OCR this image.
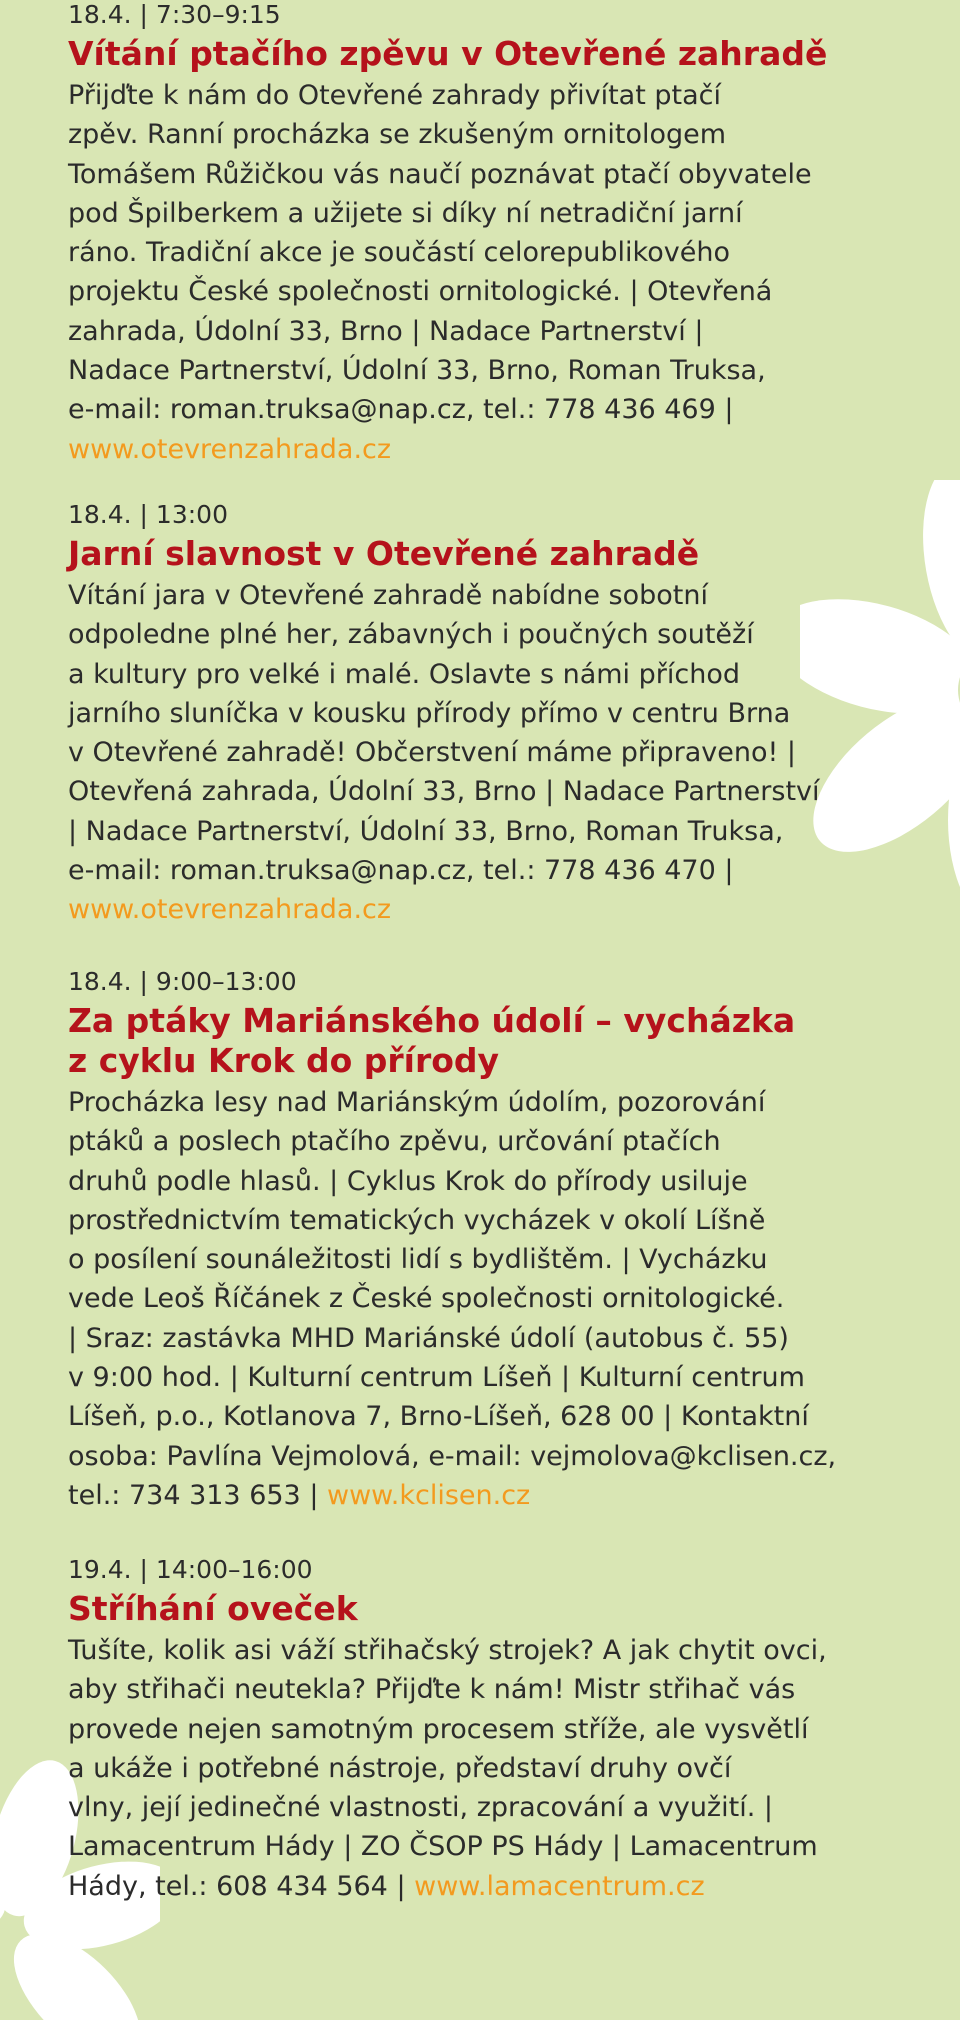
18.4. | 7:30–9:15
Vítání ptačího zpěvu v Otevřené zahradě
Přijďte k nám do Otevřené zahrady přivítat ptačí
zpěv. Ranní procházka se zkušeným ornitologem
Tomášem Růžičkou vás naučí poznávat ptačí obyvatele
pod Špilberkem a užijete si díky ní netradiční jarní
ráno. Tradiční akce je součástí celorepublikového
projektu České společnosti ornitologické. | Otevřená
zahrada, Údolní 33, Brno | Nadace Partnerství |
Nadace Partnerství, Údolní 33, Brno, Roman Truksa,
e-mail: roman.truksa@nap.cz, tel.: 778 436 469 |
www.otevrenzahrada.cz
18.4. | 13:00
Jarní slavnost v Otevřené zahradě
Vítání jara v Otevřené zahradě nabídne sobotní
odpoledne plné her, zábavných i poučných soutěží
a kultury pro velké i malé. Oslavte s námi příchod
jarního sluníčka v kousku přírody přímo v centru Brna
v Otevřené zahradě! Občerstvení máme připraveno! |
Otevřená zahrada, Údolní 33, Brno | Nadace Partnerství
| Nadace Partnerství, Údolní 33, Brno, Roman Truksa,
e-mail: roman.truksa@nap.cz, tel.: 778 436 470 |
www.otevrenzahrada.cz
18.4. | 9:00–13:00
Za ptáky Mariánského údolí – vycházka
z cyklu Krok do přírody
Procházka lesy nad Mariánským údolím, pozorování
ptáků a poslech ptačího zpěvu, určování ptačích
druhů podle hlasů. | Cyklus Krok do přírody usiluje
prostřednictvím tematických vycházek v okolí Líšně
o posílení sounáležitosti lidí s bydlištěm. | Vycházku
vede Leoš Říčánek z České společnosti ornitologické.
| Sraz: zastávka MHD Mariánské údolí (autobus č. 55)
v 9:00 hod. | Kulturní centrum Líšeň | Kulturní centrum
Líšeň, p.o., Kotlanova 7, Brno-Líšeň, 628 00 | Kontaktní
osoba: Pavlína Vejmolová, e-mail: vejmolova@kclisen.cz,
tel.: 734 313 653 | www.kclisen.cz
19.4. | 14:00–16:00
Stříhání oveček
Tušíte, kolik asi váží střihačský strojek? A jak chytit ovci,
aby střihači neutekla? Přijďte k nám! Mistr střihač vás
provede nejen samotným procesem stříže, ale vysvětlí
a ukáže i potřebné nástroje, představí druhy ovčí
vlny, její jedinečné vlastnosti, zpracování a využití. |
Lamacentrum Hády | ZO ČSOP PS Hády | Lamacentrum
Hády, tel.: 608 434 564 | www.lamacentrum.cz
